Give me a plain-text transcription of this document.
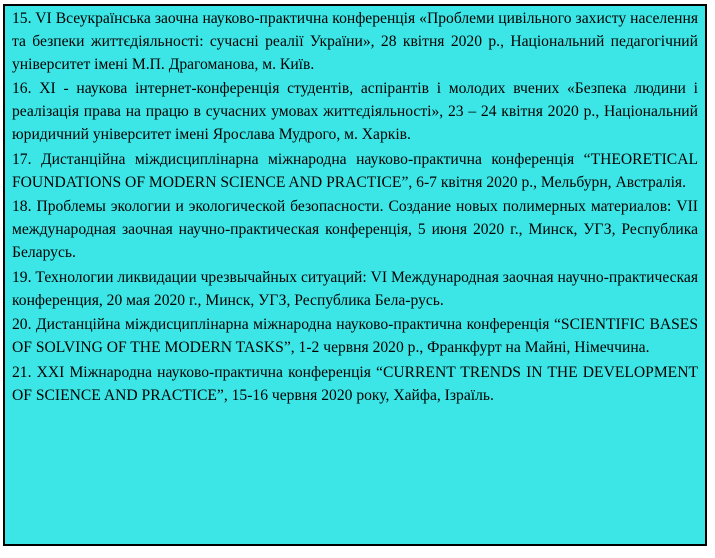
15. VI Всеукраїнська заочна науково-практична конференція «Проблеми цивільного захисту населення та безпеки життєдіяльності: сучасні реалії України», 28 квітня 2020 р., Національний педагогічний університет імені М.П. Драгоманова, м. Київ.

16. XI - наукова інтернет-конференція студентів, аспірантів і молодих вчених «Безпека людини і реалізація права на працю в сучасних умовах життєдіяльності», 23 – 24 квітня 2020 р., Національний юридичний університет імені Ярослава Мудрого, м. Харків.

17. Дистанційна міждисциплінарна міжнародна науково-практична конференція “THEORETICAL FOUNDATIONS OF MODERN SCIENCE AND PRACTICE”, 6-7 квітня 2020 р., Мельбурн, Австралія.

18. Проблемы экологии и экологической безопасности. Создание новых полимерных материалов: VII международная заочная научно-практическая конференція, 5 июня 2020 г., Минск, УГЗ, Республика Беларусь.

19. Технологии ликвидации чрезвычайных ситуаций: VI Международная заочная научно-практическая конференция, 20 мая 2020 г., Минск, УГЗ, Республика Бела-русь.

20. Дистанційна міждисциплінарна міжнародна науково-практична конференція “SCIENTIFIC BASES OF SOLVING OF THE MODERN TASKS”, 1-2 червня 2020 р., Франкфурт на Майні, Німеччина.

21. XXI Міжнародна науково-практична конференція “CURRENT TRENDS IN THE DEVELOPMENT OF SCIENCE AND PRACTICE”, 15-16 червня 2020 року, Хайфа, Ізраїль.
